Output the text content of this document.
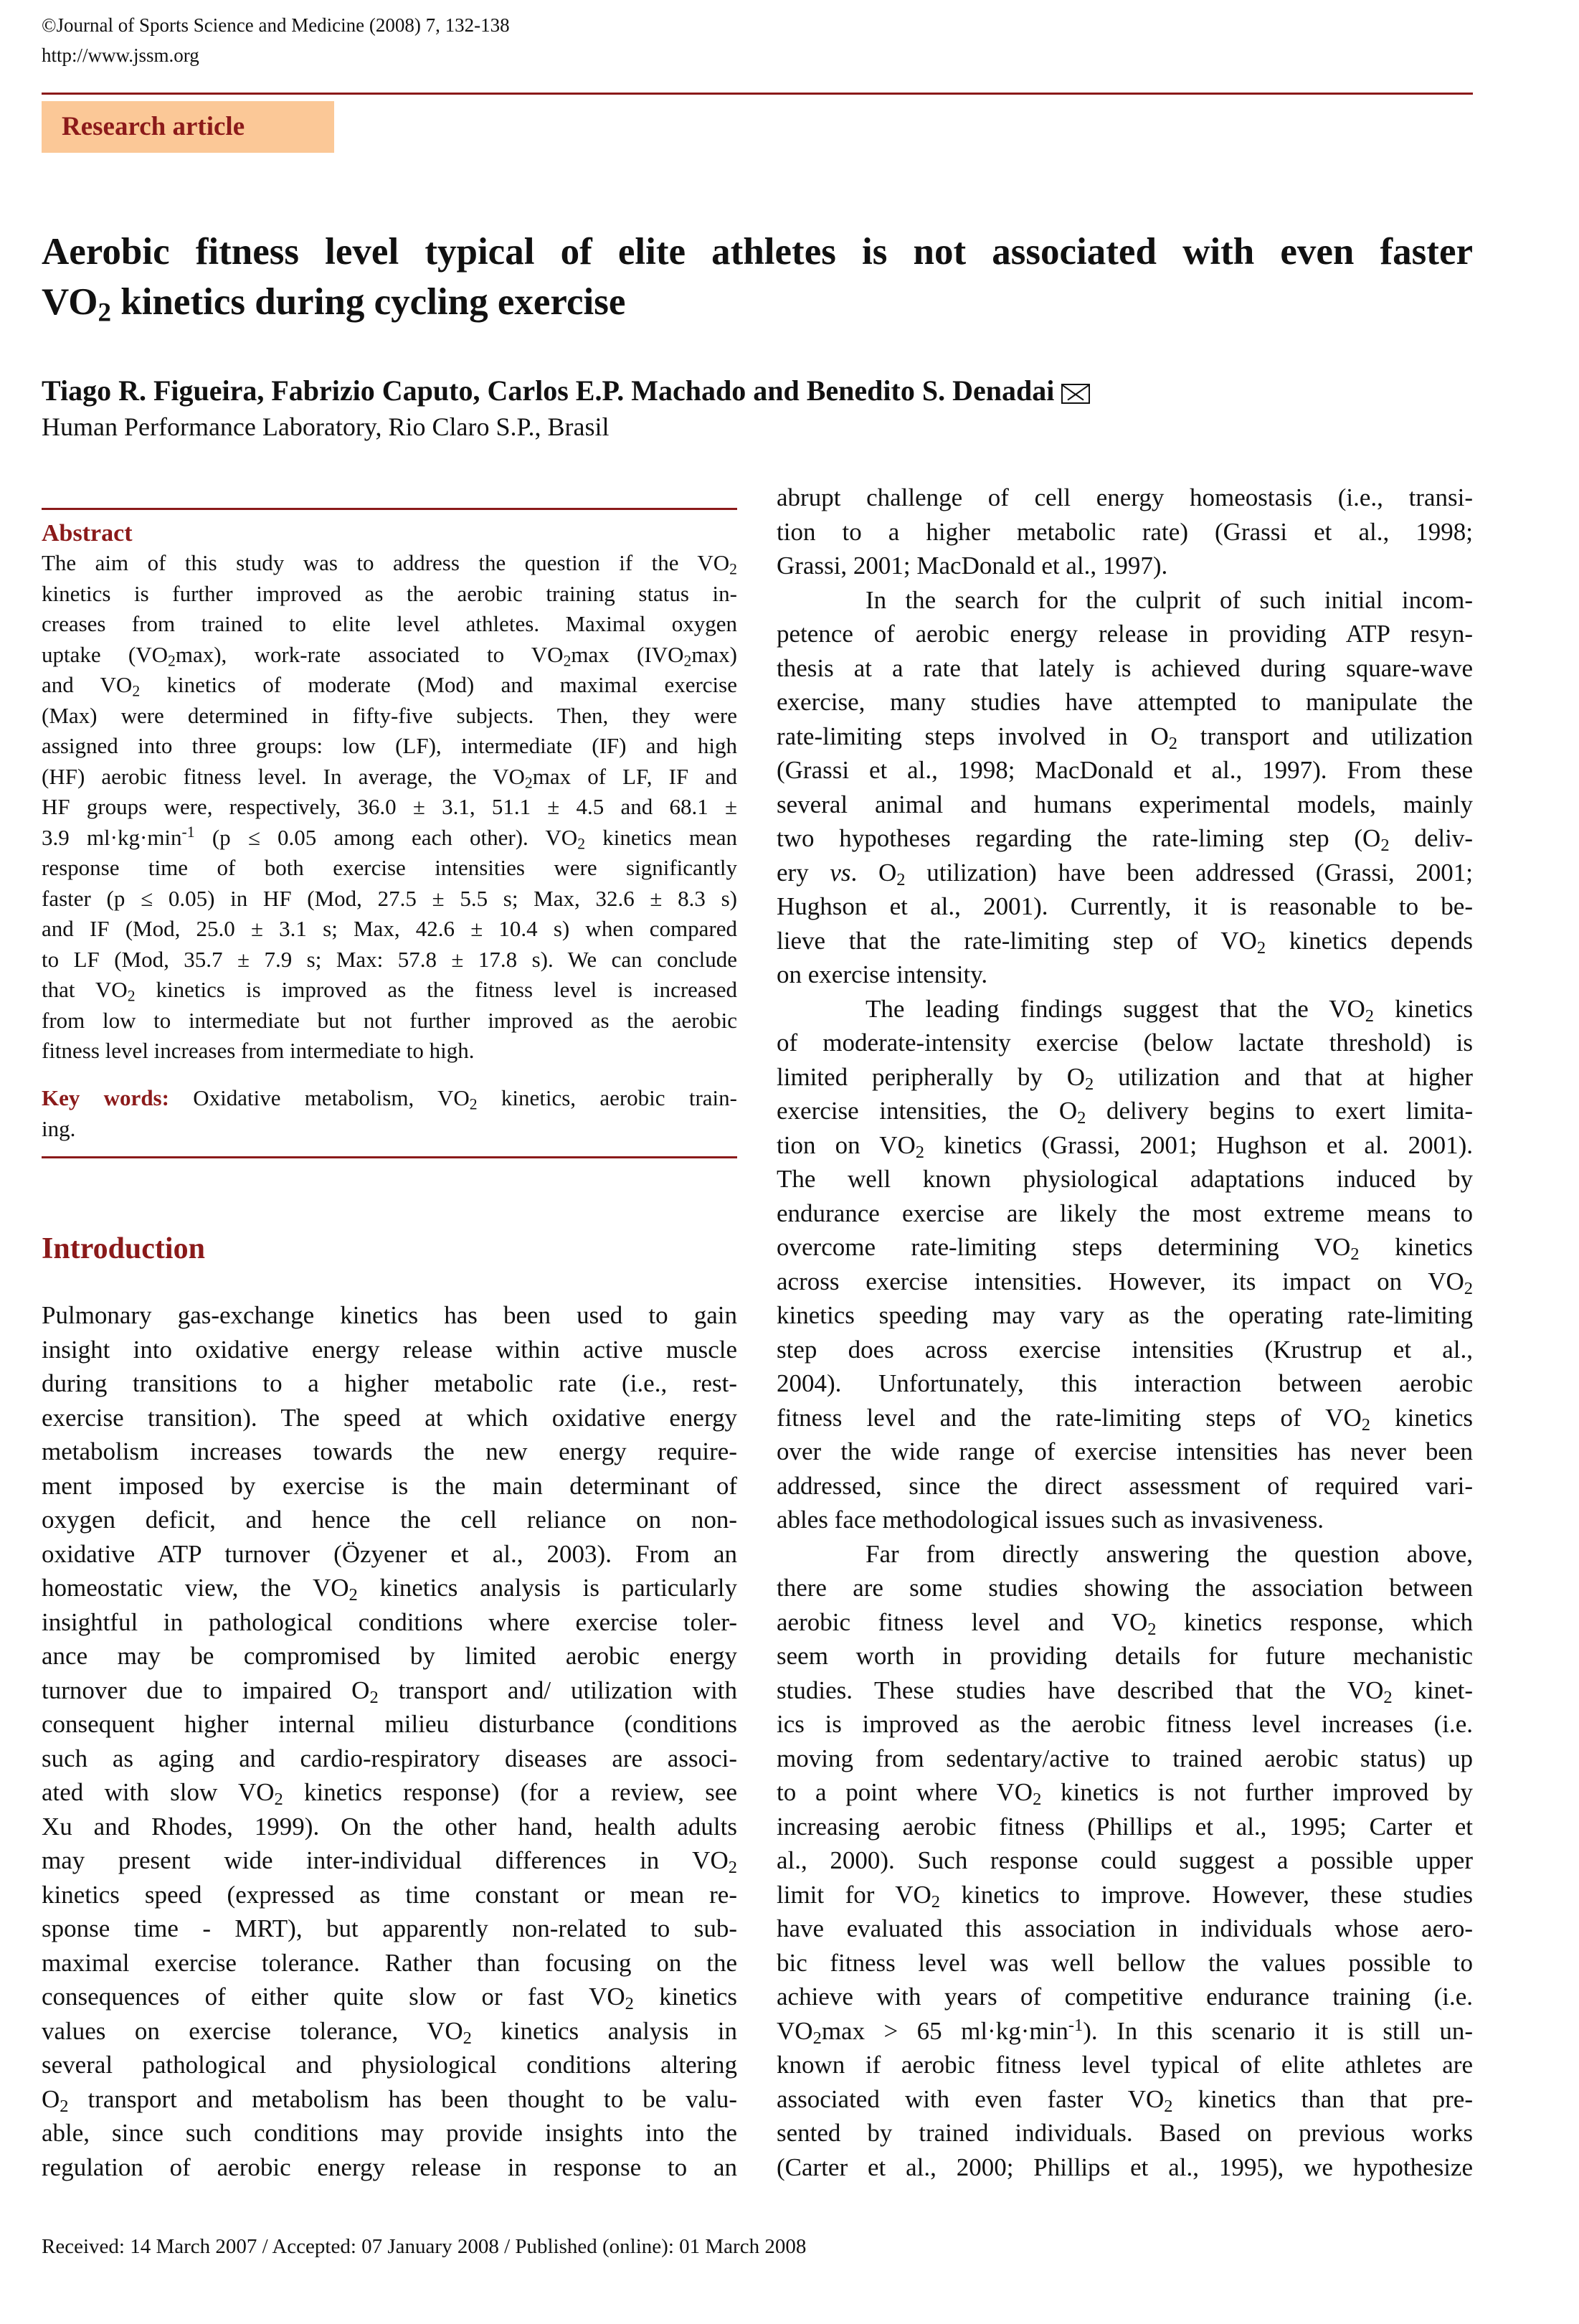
©Journal of Sports Science and Medicine (2008) 7, 132-138
http://www.jssm.org
Research article
Aerobic fitness level typical of elite athletes is not associated with even faster
$VO_2$ kinetics during cycling exercise
Tiago R. Figueira, Fabrizio Caputo, Carlos E.P. Machado and Benedito S. Denadai
Human Performance Laboratory, Rio Claro S.P., Brasil
Abstract
The aim of this study was to address the question if the $VO_2$
kinetics is further improved as the aerobic training status in-
creases from trained to elite level athletes. Maximal oxygen
uptake $(VO_2\max)$, work-rate associated to $VO_2\max$ $(IVO_2\max)$
and $VO_2$ kinetics of moderate (Mod) and maximal exercise
(Max) were determined in fifty-five subjects. Then, they were
assigned into three groups: low (LF), intermediate (IF) and high
(HF) aerobic fitness level. In average, the $VO_2\max$ of LF, IF and
HF groups were, respectively, 36.0 ± 3.1, 51.1 ± 4.5 and 68.1 ±
3.9 $ml\cdot kg\cdot\min^{-1}$ (p ≤ 0.05 among each other). $VO_2$ kinetics mean
response time of both exercise intensities were significantly
faster (p ≤ 0.05) in HF (Mod, 27.5 ± 5.5 s; Max, 32.6 ± 8.3 s)
and IF (Mod, 25.0 ± 3.1 s; Max, 42.6 ± 10.4 s) when compared
to LF (Mod, 35.7 ± 7.9 s; Max: 57.8 ± 17.8 s). We can conclude
that $VO_2$ kinetics is improved as the fitness level is increased
from low to intermediate but not further improved as the aerobic
fitness level increases from intermediate to high.
Key words: Oxidative metabolism, $VO_2$ kinetics, aerobic train-
ing.
Introduction
Pulmonary gas-exchange kinetics has been used to gain
insight into oxidative energy release within active muscle
during transitions to a higher metabolic rate (i.e., rest-
exercise transition). The speed at which oxidative energy
metabolism increases towards the new energy require-
ment imposed by exercise is the main determinant of
oxygen deficit, and hence the cell reliance on non-
oxidative ATP turnover (Özyener et al., 2003). From an
homeostatic view, the $VO_2$ kinetics analysis is particularly
insightful in pathological conditions where exercise toler-
ance may be compromised by limited aerobic energy
turnover due to impaired $O_2$ transport and/ utilization with
consequent higher internal milieu disturbance (conditions
such as aging and cardio-respiratory diseases are associ-
ated with slow $VO_2$ kinetics response) (for a review, see
Xu and Rhodes, 1999). On the other hand, health adults
may present wide inter-individual differences in $VO_2$
kinetics speed (expressed as time constant or mean re-
sponse time - MRT), but apparently non-related to sub-
maximal exercise tolerance. Rather than focusing on the
consequences of either quite slow or fast $VO_2$ kinetics
values on exercise tolerance, $VO_2$ kinetics analysis in
several pathological and physiological conditions altering
$O_2$ transport and metabolism has been thought to be valu-
able, since such conditions may provide insights into the
regulation of aerobic energy release in response to an
abrupt challenge of cell energy homeostasis (i.e., transi-
tion to a higher metabolic rate) (Grassi et al., 1998;
Grassi, 2001; MacDonald et al., 1997).
In the search for the culprit of such initial incom-
petence of aerobic energy release in providing ATP resyn-
thesis at a rate that lately is achieved during square-wave
exercise, many studies have attempted to manipulate the
rate-limiting steps involved in $O_2$ transport and utilization
(Grassi et al., 1998; MacDonald et al., 1997). From these
several animal and humans experimental models, mainly
two hypotheses regarding the rate-liming step ($O_2$ deliv-
ery vs. $O_2$ utilization) have been addressed (Grassi, 2001;
Hughson et al., 2001). Currently, it is reasonable to be-
lieve that the rate-limiting step of $VO_2$ kinetics depends
on exercise intensity.
The leading findings suggest that the $VO_2$ kinetics
of moderate-intensity exercise (below lactate threshold) is
limited peripherally by $O_2$ utilization and that at higher
exercise intensities, the $O_2$ delivery begins to exert limita-
tion on $VO_2$ kinetics (Grassi, 2001; Hughson et al. 2001).
The well known physiological adaptations induced by
endurance exercise are likely the most extreme means to
overcome rate-limiting steps determining $VO_2$ kinetics
across exercise intensities. However, its impact on $VO_2$
kinetics speeding may vary as the operating rate-limiting
step does across exercise intensities (Krustrup et al.,
2004). Unfortunately, this interaction between aerobic
fitness level and the rate-limiting steps of $VO_2$ kinetics
over the wide range of exercise intensities has never been
addressed, since the direct assessment of required vari-
ables face methodological issues such as invasiveness.
Far from directly answering the question above,
there are some studies showing the association between
aerobic fitness level and $VO_2$ kinetics response, which
seem worth in providing details for future mechanistic
studies. These studies have described that the $VO_2$ kinet-
ics is improved as the aerobic fitness level increases (i.e.
moving from sedentary/active to trained aerobic status) up
to a point where $VO_2$ kinetics is not further improved by
increasing aerobic fitness (Phillips et al., 1995; Carter et
al., 2000). Such response could suggest a possible upper
limit for $VO_2$ kinetics to improve. However, these studies
have evaluated this association in individuals whose aero-
bic fitness level was well bellow the values possible to
achieve with years of competitive endurance training (i.e.
$VO_2\max > 65$ $ml\cdot kg\cdot\min^{-1}$). In this scenario it is still un-
known if aerobic fitness level typical of elite athletes are
associated with even faster $VO_2$ kinetics than that pre-
sented by trained individuals. Based on previous works
(Carter et al., 2000; Phillips et al., 1995), we hypothesize
Received: 14 March 2007 / Accepted: 07 January 2008 / Published (online): 01 March 2008
